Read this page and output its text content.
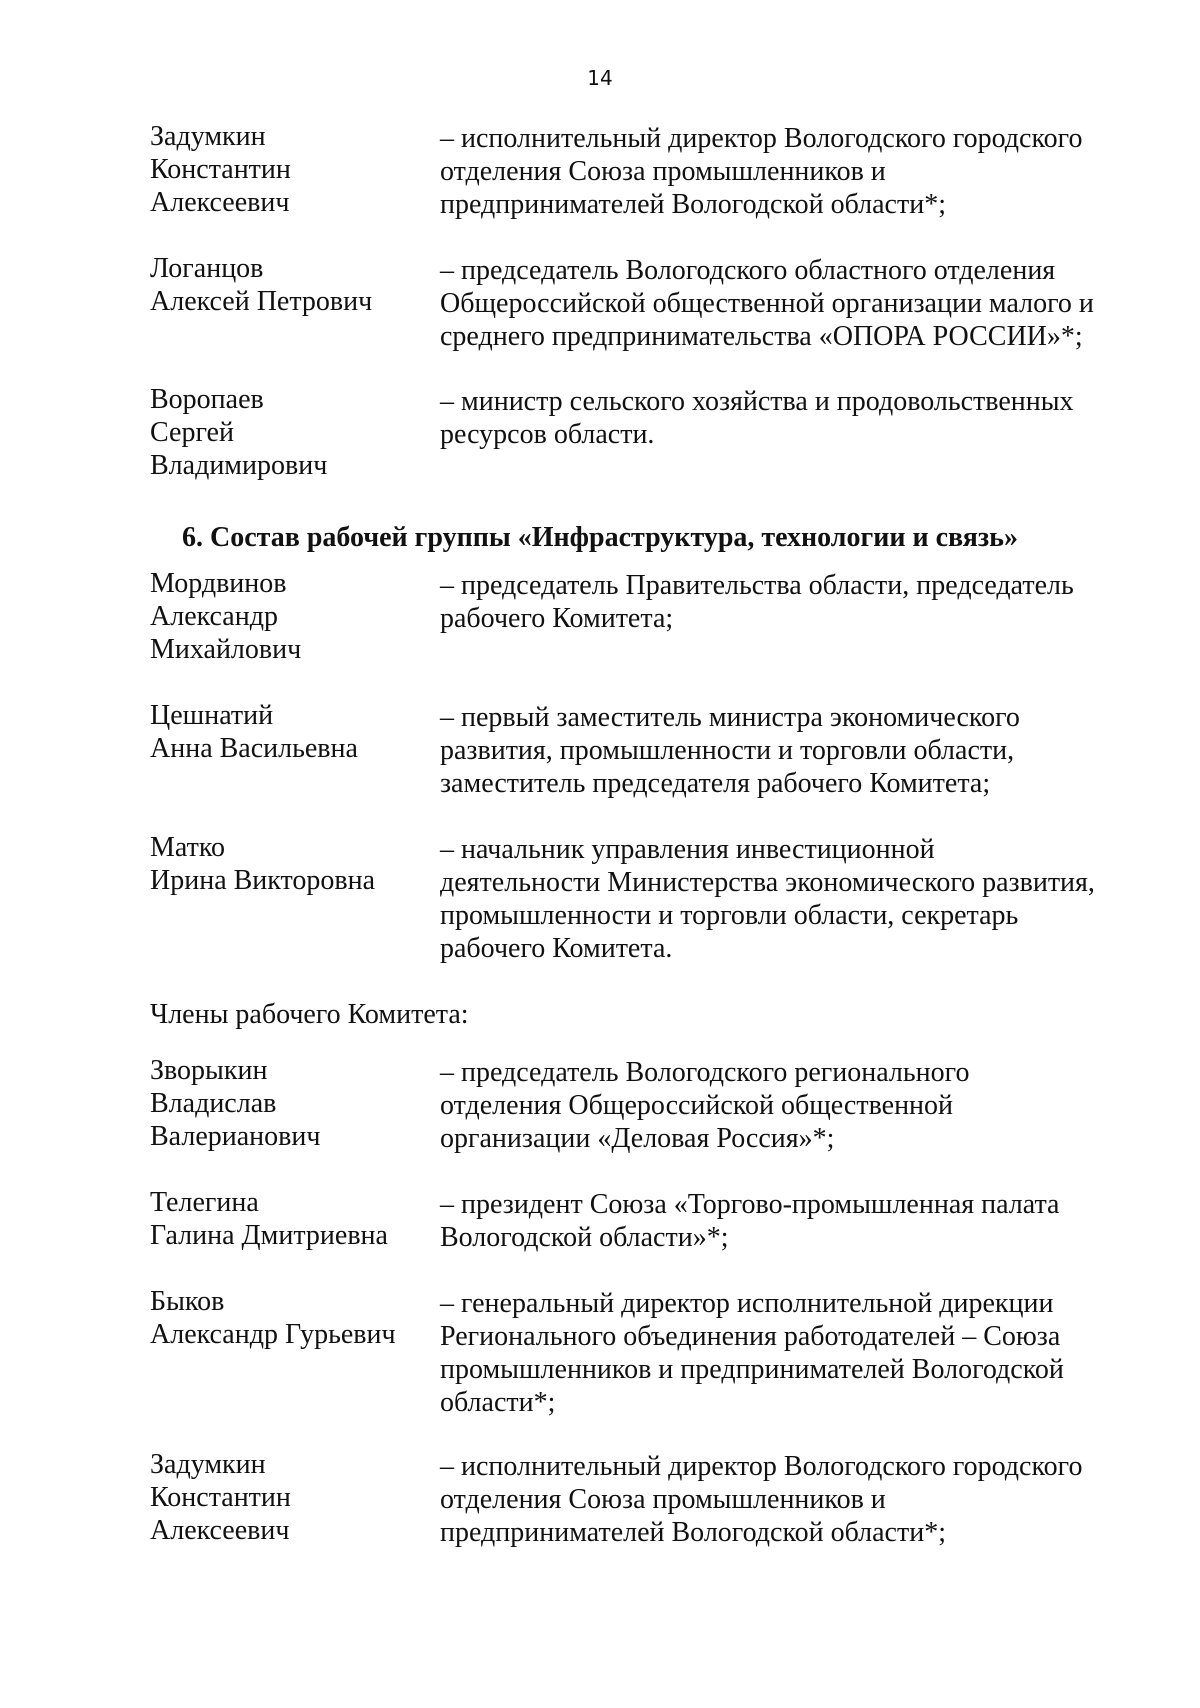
14
Задумкин
Константин
Алексеевич
– исполнительный директор Вологодского городского
отделения Союза промышленников и
предпринимателей Вологодской области*;
Логанцов
Алексей Петрович
– председатель Вологодского областного отделения
Общероссийской общественной организации малого и
среднего предпринимательства «ОПОРА РОССИИ»*;
Воропаев
Сергей
Владимирович
– министр сельского хозяйства и продовольственных
ресурсов области.
6. Состав рабочей группы «Инфраструктура, технологии и связь»
Мордвинов
Александр
Михайлович
– председатель Правительства области, председатель
рабочего Комитета;
Цешнатий
Анна Васильевна
– первый заместитель министра экономического
развития, промышленности и торговли области,
заместитель председателя рабочего Комитета;
Матко
Ирина Викторовна
– начальник управления инвестиционной
деятельности Министерства экономического развития,
промышленности и торговли области, секретарь
рабочего Комитета.
Члены рабочего Комитета:
Зворыкин
Владислав
Валерианович
– председатель Вологодского регионального
отделения Общероссийской общественной
организации «Деловая Россия»*;
Телегина
Галина Дмитриевна
– президент Союза «Торгово-промышленная палата
Вологодской области»*;
Быков
Александр Гурьевич
– генеральный директор исполнительной дирекции
Регионального объединения работодателей – Союза
промышленников и предпринимателей Вологодской
области*;
Задумкин
Константин
Алексеевич
– исполнительный директор Вологодского городского
отделения Союза промышленников и
предпринимателей Вологодской области*;
